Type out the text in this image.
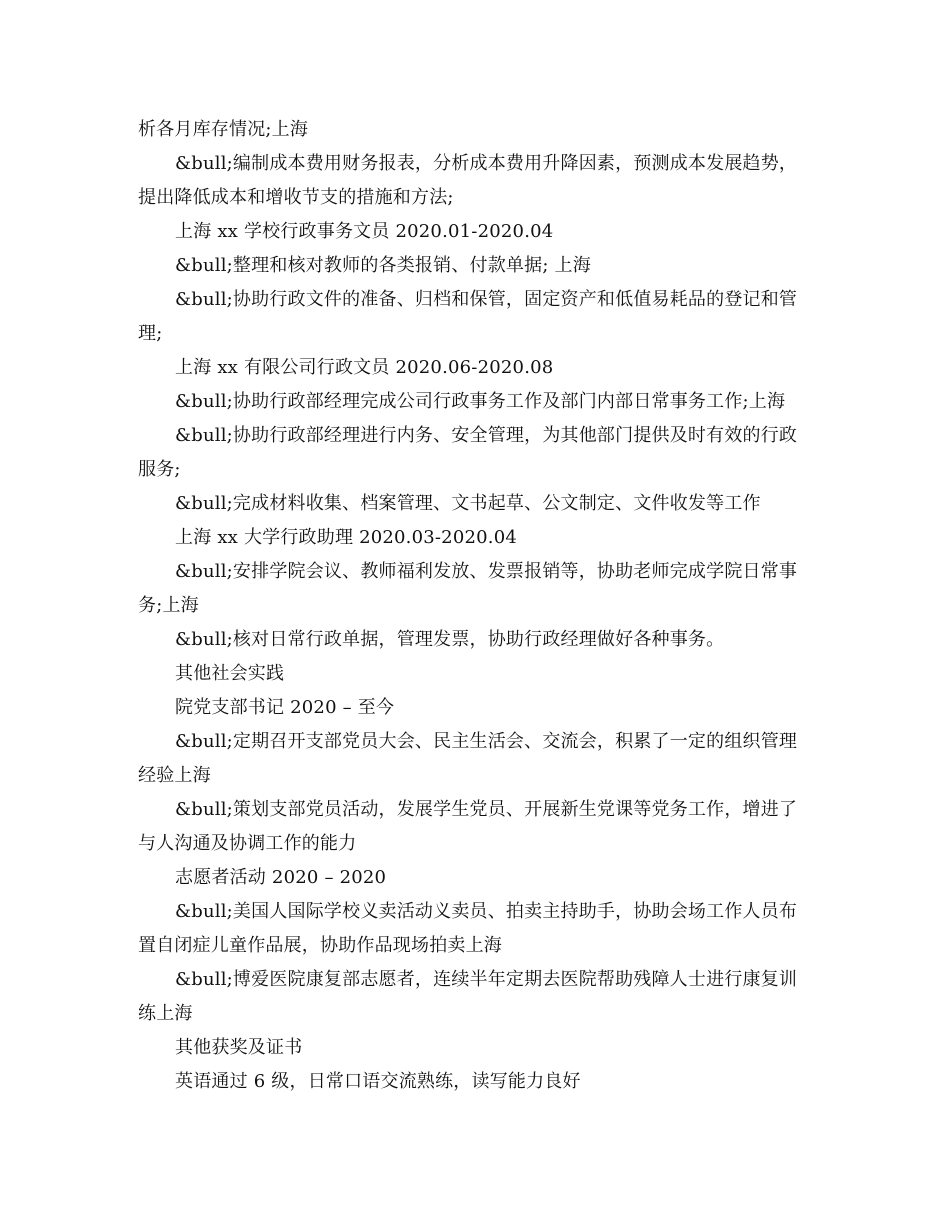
析各月库存情况;上海
&bull;编制成本费用财务报表，分析成本费用升降因素，预测成本发展趋势，
提出降低成本和增收节支的措施和方法;
上海 xx 学校行政事务文员 2020.01-2020.04
&bull;整理和核对教师的各类报销、付款单据; 上海
&bull;协助行政文件的准备、归档和保管，固定资产和低值易耗品的登记和管
理;
上海 xx 有限公司行政文员 2020.06-2020.08
&bull;协助行政部经理完成公司行政事务工作及部门内部日常事务工作;上海
&bull;协助行政部经理进行内务、安全管理，为其他部门提供及时有效的行政
服务;
&bull;完成材料收集、档案管理、文书起草、公文制定、文件收发等工作
上海 xx 大学行政助理 2020.03-2020.04
&bull;安排学院会议、教师福利发放、发票报销等，协助老师完成学院日常事
务;上海
&bull;核对日常行政单据，管理发票，协助行政经理做好各种事务。
其他社会实践
院党支部书记 2020 – 至今
&bull;定期召开支部党员大会、民主生活会、交流会，积累了一定的组织管理
经验上海
&bull;策划支部党员活动，发展学生党员、开展新生党课等党务工作，增进了
与人沟通及协调工作的能力
志愿者活动 2020 – 2020
&bull;美国人国际学校义卖活动义卖员、拍卖主持助手，协助会场工作人员布
置自闭症儿童作品展，协助作品现场拍卖上海
&bull;博爱医院康复部志愿者，连续半年定期去医院帮助残障人士进行康复训
练上海
其他获奖及证书
英语通过 6 级，日常口语交流熟练，读写能力良好
